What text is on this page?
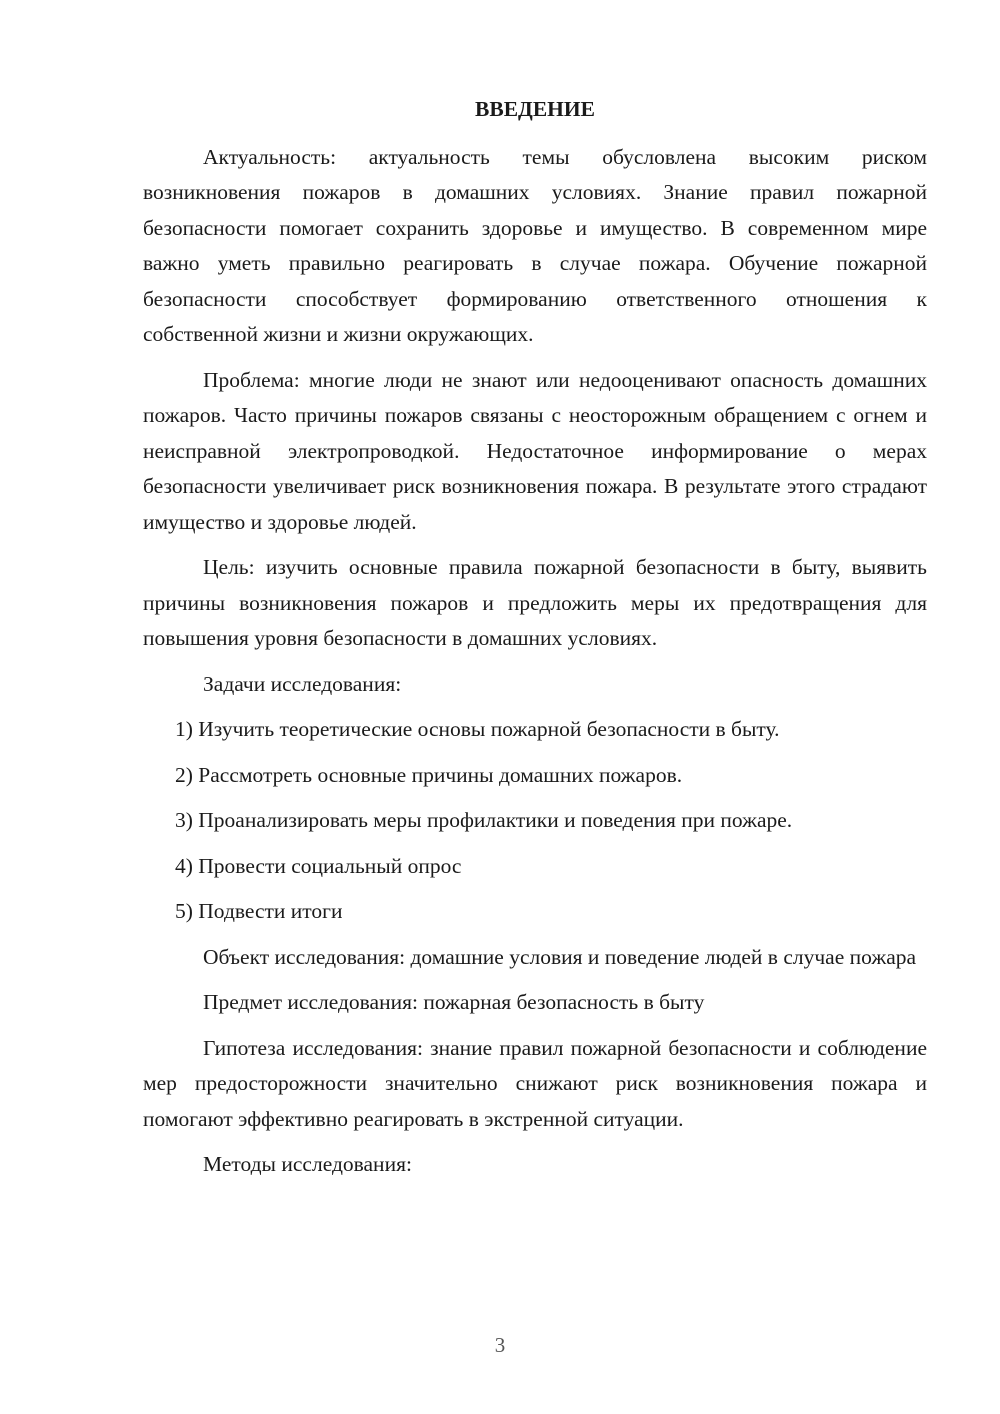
ВВЕДЕНИЕ

Актуальность: актуальность темы обусловлена высоким риском возникновения пожаров в домашних условиях. Знание правил пожарной безопасности помогает сохранить здоровье и имущество. В современном мире важно уметь правильно реагировать в случае пожара. Обучение пожарной безопасности способствует формированию ответственного отношения к собственной жизни и жизни окружающих.

Проблема: многие люди не знают или недооценивают опасность домашних пожаров. Часто причины пожаров связаны с неосторожным обращением с огнем и неисправной электропроводкой. Недостаточное информирование о мерах безопасности увеличивает риск возникновения пожара. В результате этого страдают имущество и здоровье людей.

Цель: изучить основные правила пожарной безопасности в быту, выявить причины возникновения пожаров и предложить меры их предотвращения для повышения уровня безопасности в домашних условиях.

Задачи исследования:

1) Изучить теоретические основы пожарной безопасности в быту.
2) Рассмотреть основные причины домашних пожаров.
3) Проанализировать меры профилактики и поведения при пожаре.
4) Провести социальный опрос
5) Подвести итоги

Объект исследования: домашние условия и поведение людей в случае пожара

Предмет исследования: пожарная безопасность в быту

Гипотеза исследования: знание правил пожарной безопасности и соблюдение мер предосторожности значительно снижают риск возникновения пожара и помогают эффективно реагировать в экстренной ситуации.

Методы исследования:

3
